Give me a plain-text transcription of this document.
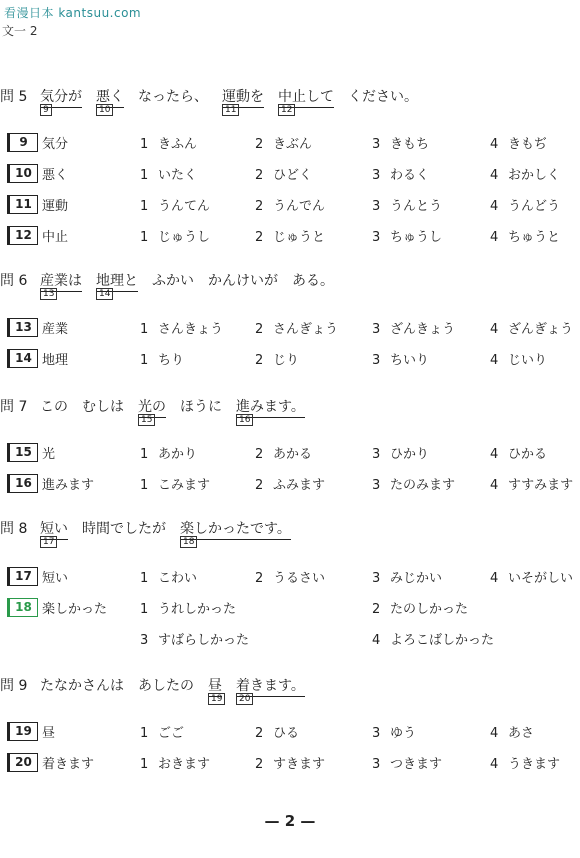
看漫日本 kantsuu.com
文一 2
問 5 気分が
9
悪く
10
なったら、 運動を
11
中止して
12
ください。
9	気分	1 きふん	2 きぶん	3 きもち	4 きもぢ
10 悪く	1 いたく	2 ひどく	3 わるく	4 おかしく
11 運動	1 うんてん	2 うんでん	3 うんとう	4 うんどう
12 中止	1 じゅうし	2 じゅうと	3 ちゅうし	4 ちゅうと
問 6 産業は
13
地理と
14
ふかい かんけいが ある。
13 産業	1 さんきょう 2 さんぎょう	3 ざんきょう	4 ざんぎょう
14 地理	1 ちり	2 じり	3 ちいり	4 じいり
問 7 この むしは 光の
15
ほうに 進みます。
16
15 光	1 あかり	2 あかる	3 ひかり	4 ひかる
16 進みます	1 こみます	2 ふみます	3 たのみます	4 すすみます
問 8 短い
17
時間でしたが 楽しかったです。
18
17 短い	1 こわい	2 うるさい	3 みじかい	4 いそがしい
18 楽しかった	1 うれしかった	2 たのしかった
3 すばらしかった	4 よろこばしかった
問 9 たなかさんは あしたの 昼
19
着きます。
20
19 昼	1 ごご	2 ひる	3 ゆう	4 あさ
20 着きます	1 おきます	2 すきます	3 つきます	4 うきます
— 2 —
